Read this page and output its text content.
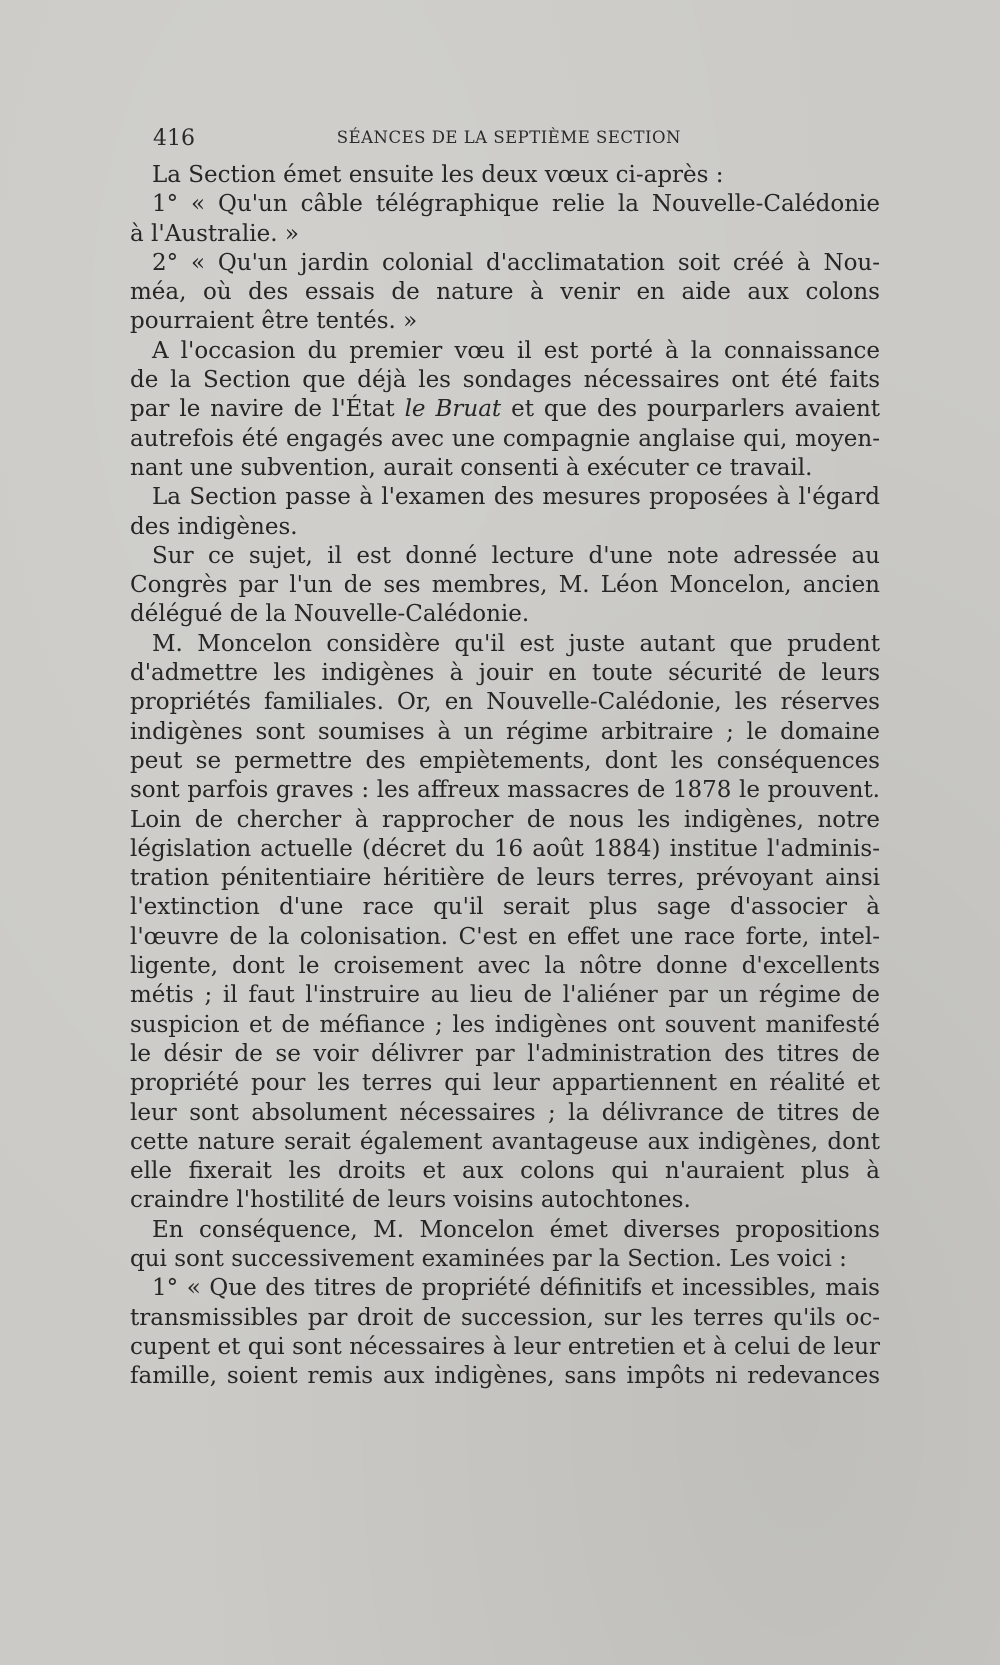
416	SÉANCES DE LA SEPTIÈME SECTION
La Section émet ensuite les deux vœux ci-après :
1° « Qu'un câble télégraphique relie la Nouvelle-Calédonie
à l'Australie. »
2° « Qu'un jardin colonial d'acclimatation soit créé à Nou-
méa, où des essais de nature à venir en aide aux colons
pourraient être tentés. »
A l'occasion du premier vœu il est porté à la connaissance
de la Section que déjà les sondages nécessaires ont été faits
par le navire de l'État le Bruat et que des pourparlers avaient
autrefois été engagés avec une compagnie anglaise qui, moyen-
nant une subvention, aurait consenti à exécuter ce travail.
La Section passe à l'examen des mesures proposées à l'égard
des indigènes.
Sur ce sujet, il est donné lecture d'une note adressée au
Congrès par l'un de ses membres, M. Léon Moncelon, ancien
délégué de la Nouvelle-Calédonie.
M. Moncelon considère qu'il est juste autant que prudent
d'admettre les indigènes à jouir en toute sécurité de leurs
propriétés familiales. Or, en Nouvelle-Calédonie, les réserves
indigènes sont soumises à un régime arbitraire ; le domaine
peut se permettre des empiètements, dont les conséquences
sont parfois graves : les affreux massacres de 1878 le prouvent.
Loin de chercher à rapprocher de nous les indigènes, notre
législation actuelle (décret du 16 août 1884) institue l'adminis-
tration pénitentiaire héritière de leurs terres, prévoyant ainsi
l'extinction d'une race qu'il serait plus sage d'associer à
l'œuvre de la colonisation. C'est en effet une race forte, intel-
ligente, dont le croisement avec la nôtre donne d'excellents
métis ; il faut l'instruire au lieu de l'aliéner par un régime de
suspicion et de méfiance ; les indigènes ont souvent manifesté
le désir de se voir délivrer par l'administration des titres de
propriété pour les terres qui leur appartiennent en réalité et
leur sont absolument nécessaires ; la délivrance de titres de
cette nature serait également avantageuse aux indigènes, dont
elle fixerait les droits et aux colons qui n'auraient plus à
craindre l'hostilité de leurs voisins autochtones.
En conséquence, M. Moncelon émet diverses propositions
qui sont successivement examinées par la Section. Les voici :
1° « Que des titres de propriété définitifs et incessibles, mais
transmissibles par droit de succession, sur les terres qu'ils oc-
cupent et qui sont nécessaires à leur entretien et à celui de leur
famille, soient remis aux indigènes, sans impôts ni redevances
